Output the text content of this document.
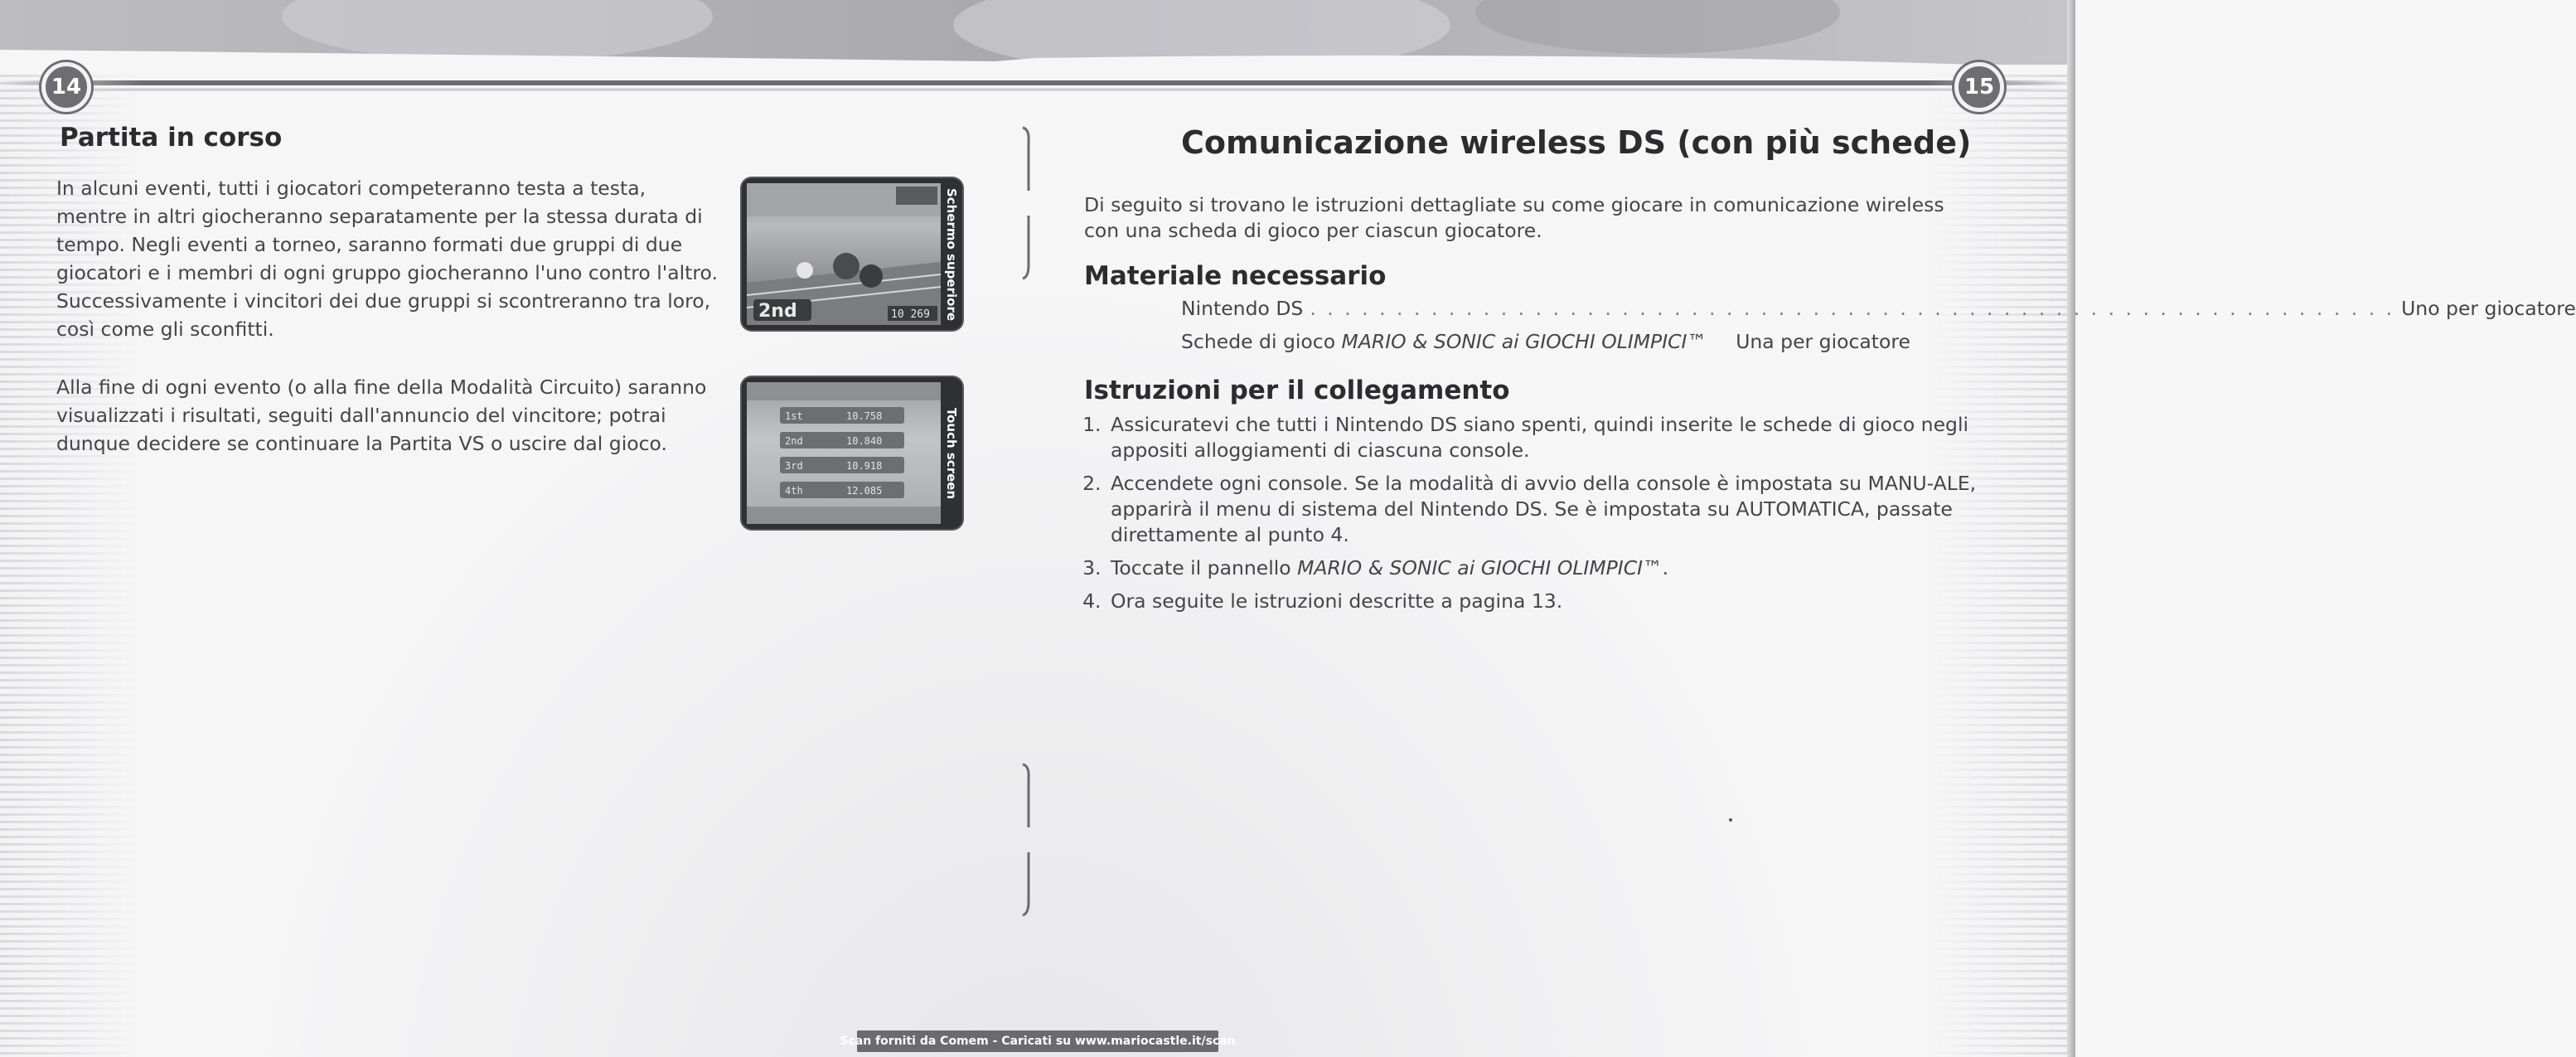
14	15
Partita in corso

In alcuni eventi, tutti i giocatori competeranno testa a testa, mentre in altri giocheranno separatamente per la stessa durata di tempo. Negli eventi a torneo, saranno formati due gruppi di due giocatori e i membri di ogni gruppo giocheranno l'uno contro l'altro. Successivamente i vincitori dei due gruppi si scontreranno tra loro, così come gli sconfitti.

Alla fine di ogni evento (o alla fine della Modalità Circuito) saranno visualizzati i risultati, seguiti dall'annuncio del vincitore; potrai dunque decidere se continuare la Partita VS o uscire dal gioco.

2nd	10 269 Schermo superiore
1st	10.758
2nd	10.840
3rd	10.918
4th	12.085	Touch screen
Comunicazione wireless DS (con più schede)

Di seguito si trovano le istruzioni dettagliate su come giocare in comunicazione wireless con una scheda di gioco per ciascun giocatore.

Materiale necessario
Nintendo DS . . . . . . . . . . . . . . . . . . . . . . . . . . . . . . . . . . . . . . . . . . . . . . . . . . . . . . . . . . . . . . . Uno per giocatore
Schede di gioco MARIO & SONIC ai GIOCHI OLIMPICI™ Una per giocatore
Istruzioni per il collegamento
1. Assicuratevi che tutti i Nintendo DS siano spenti, quindi inserite le schede di gioco negli appositi alloggiamenti di ciascuna console.
2. Accendete ogni console. Se la modalità di avvio della console è impostata su MANU-ALE, apparirà il menu di sistema del Nintendo DS. Se è impostata su AUTOMATICA, passate direttamente al punto 4.
3. Toccate il pannello MARIO & SONIC ai GIOCHI OLIMPICI™.
4. Ora seguite le istruzioni descritte a pagina 13.
Scan forniti da Comem - Caricati su www.mariocastle.it/scan
